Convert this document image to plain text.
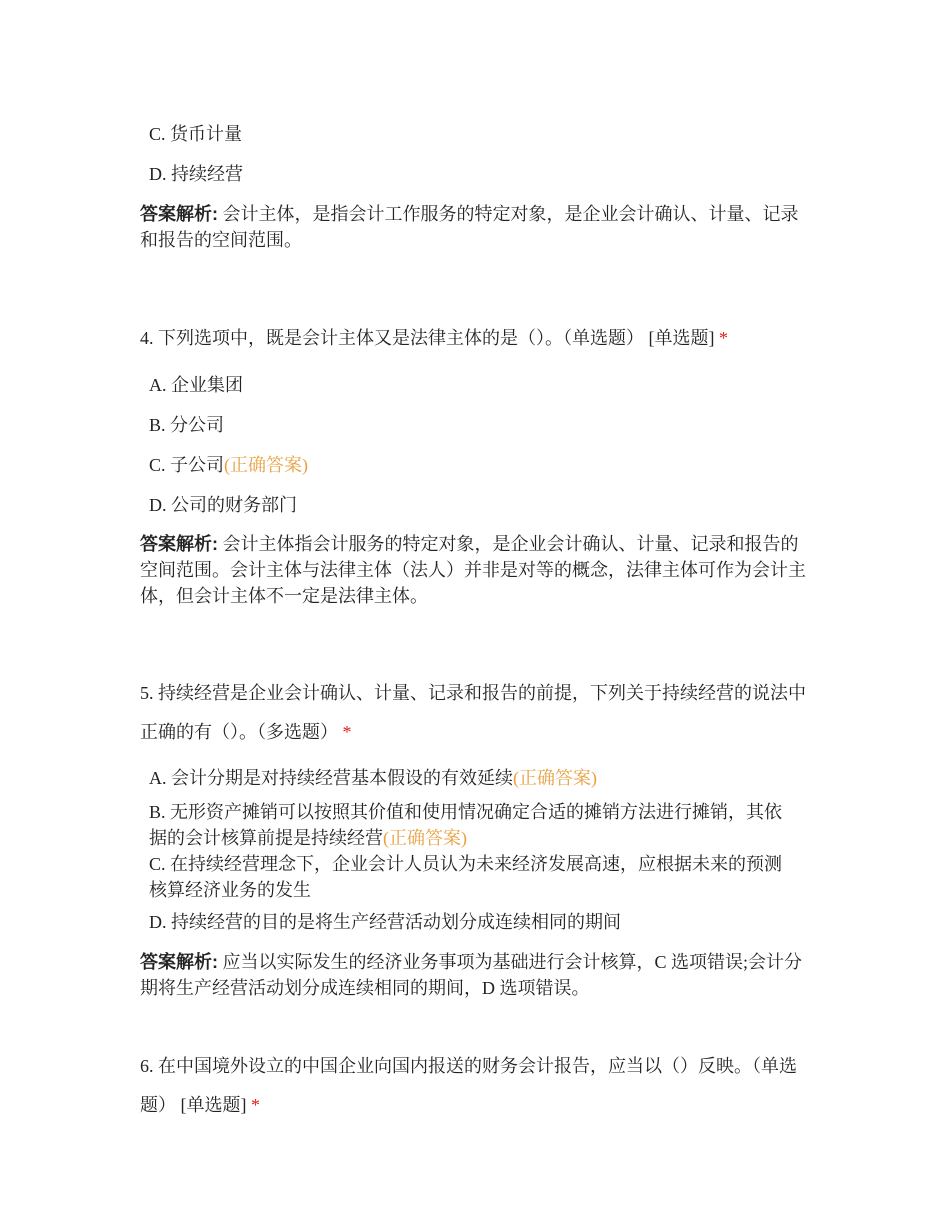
C. 货币计量
D. 持续经营
答案解析: 会计主体，是指会计工作服务的特定对象，是企业会计确认、计量、记录和报告的空间范围。
4. 下列选项中，既是会计主体又是法律主体的是（）。（单选题） [单选题] *
A. 企业集团
B. 分公司
C. 子公司(正确答案)
D. 公司的财务部门
答案解析: 会计主体指会计服务的特定对象，是企业会计确认、计量、记录和报告的空间范围。会计主体与法律主体（法人）并非是对等的概念，法律主体可作为会计主体，但会计主体不一定是法律主体。
5. 持续经营是企业会计确认、计量、记录和报告的前提，下列关于持续经营的说法中正确的有（）。（多选题） *
A. 会计分期是对持续经营基本假设的有效延续(正确答案)
B. 无形资产摊销可以按照其价值和使用情况确定合适的摊销方法进行摊销，其依据的会计核算前提是持续经营(正确答案)
C. 在持续经营理念下，企业会计人员认为未来经济发展高速，应根据未来的预测核算经济业务的发生
D. 持续经营的目的是将生产经营活动划分成连续相同的期间
答案解析: 应当以实际发生的经济业务事项为基础进行会计核算，C 选项错误;会计分期将生产经营活动划分成连续相同的期间，D 选项错误。
6. 在中国境外设立的中国企业向国内报送的财务会计报告，应当以（）反映。（单选题） [单选题] *
